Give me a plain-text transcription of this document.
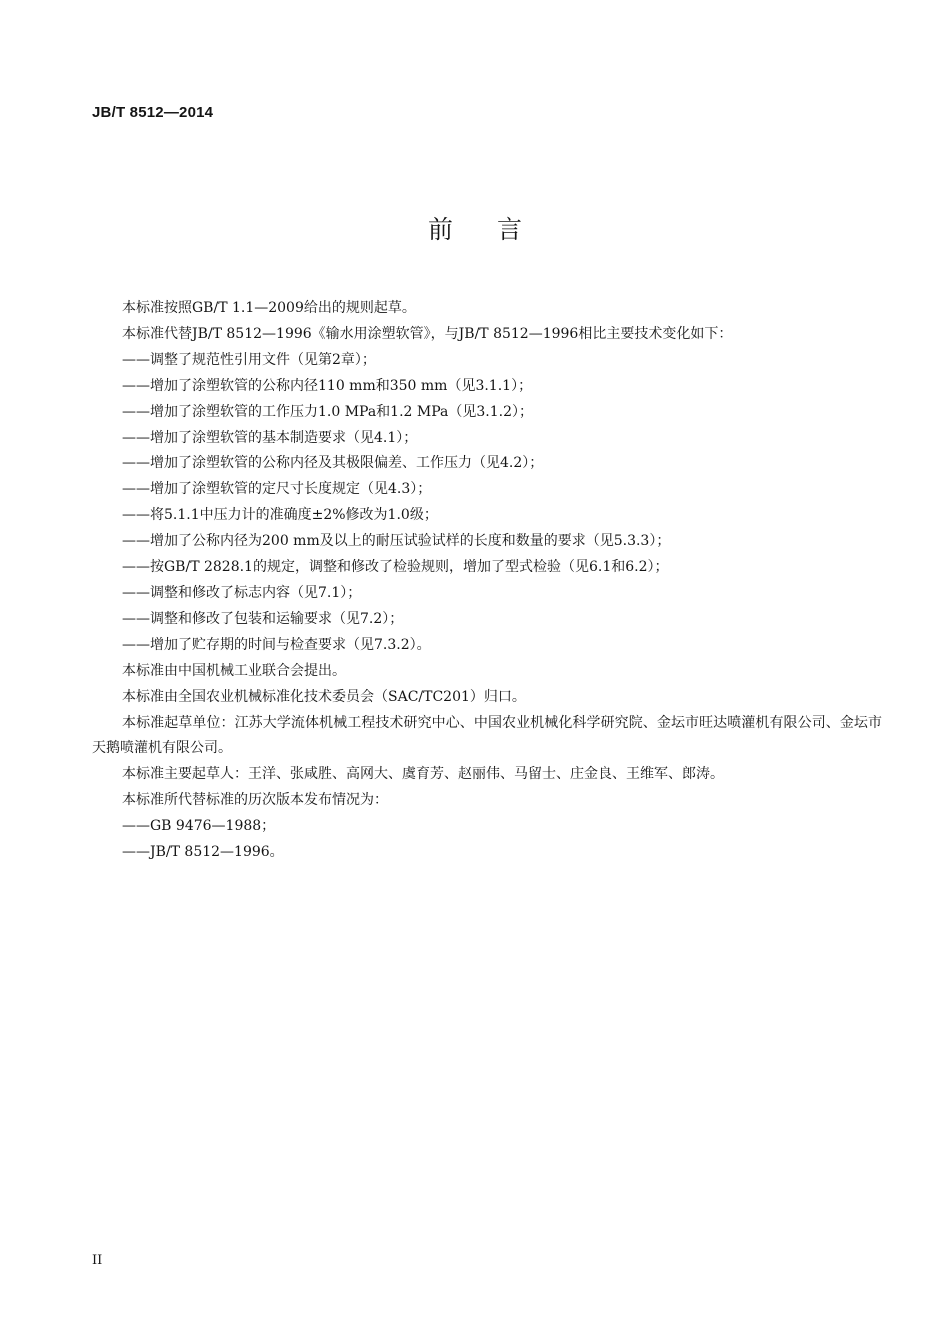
JB/T 8512—2014
前言

本标准按照GB/T 1.1—2009给出的规则起草。

本标准代替JB/T 8512—1996《输水用涂塑软管》，与JB/T 8512—1996相比主要技术变化如下：

——调整了规范性引用文件（见第2章）；

——增加了涂塑软管的公称内径110 mm和350 mm（见3.1.1）；

——增加了涂塑软管的工作压力1.0 MPa和1.2 MPa（见3.1.2）；

——增加了涂塑软管的基本制造要求（见4.1）；

——增加了涂塑软管的公称内径及其极限偏差、工作压力（见4.2）；

——增加了涂塑软管的定尺寸长度规定（见4.3）；

——将5.1.1中压力计的准确度±2%修改为1.0级；

——增加了公称内径为200 mm及以上的耐压试验试样的长度和数量的要求（见5.3.3）；

——按GB/T 2828.1的规定，调整和修改了检验规则，增加了型式检验（见6.1和6.2）；

——调整和修改了标志内容（见7.1）；

——调整和修改了包装和运输要求（见7.2）；

——增加了贮存期的时间与检查要求（见7.3.2）。

本标准由中国机械工业联合会提出。

本标准由全国农业机械标准化技术委员会（SAC/TC201）归口。

本标准起草单位：江苏大学流体机械工程技术研究中心、中国农业机械化科学研究院、金坛市旺达喷灌机有限公司、金坛市天鹅喷灌机有限公司。

本标准主要起草人：王洋、张咸胜、高网大、虞育芳、赵丽伟、马留士、庄金良、王维军、郎涛。

本标准所代替标准的历次版本发布情况为：

——GB 9476—1988；

——JB/T 8512—1996。

II
